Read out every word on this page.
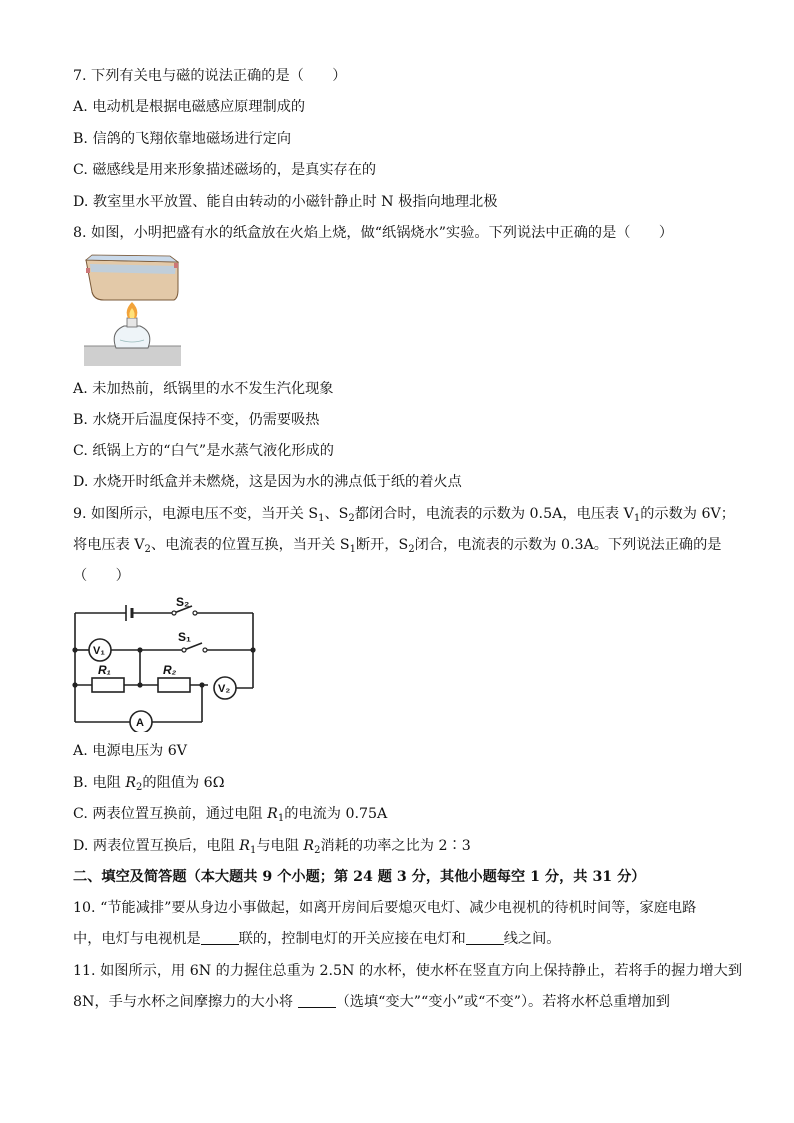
7. 下列有关电与磁的说法正确的是（　　）
A. 电动机是根据电磁感应原理制成的
B. 信鸽的飞翔依靠地磁场进行定向
C. 磁感线是用来形象描述磁场的，是真实存在的
D. 教室里水平放置、能自由转动的小磁针静止时 N 极指向地理北极
8. 如图，小明把盛有水的纸盒放在火焰上烧，做“纸锅烧水”实验。下列说法中正确的是（　　）
A. 未加热前，纸锅里的水不发生汽化现象
B. 水烧开后温度保持不变，仍需要吸热
C. 纸锅上方的“白气”是水蒸气液化形成的
D. 水烧开时纸盒并未燃烧，这是因为水的沸点低于纸的着火点
9. 如图所示，电源电压不变，当开关 $S_1$、$S_2$都闭合时，电流表的示数为 0.5A，电压表 $V_1$的示数为 6V；
将电压表 $V_2$、电流表的位置互换，当开关 $S_1$断开，$S_2$闭合，电流表的示数为 0.3A。下列说法正确的是
（　　）
S₂
S₁
V₁
V₂
A
R₁	R₂
A. 电源电压为 6V
B. 电阻 $R_2$的阻值为 6Ω
C. 两表位置互换前，通过电阻 $R_1$的电流为 0.75A
D. 两表位置互换后，电阻 $R_1$与电阻 $R_2$消耗的功率之比为 2∶3
二、填空及简答题（本大题共 9 个小题；第 24 题 3 分，其他小题每空 1 分，共 31 分）
10. “节能减排”要从身边小事做起，如离开房间后要熄灭电灯、减少电视机的待机时间等，家庭电路
中，电灯与电视机是	联的，控制电灯的开关应接在电灯和	线之间。
11. 如图所示，用 6N 的力握住总重为 2.5N 的水杯，使水杯在竖直方向上保持静止，若将手的握力增大到
8N，手与水杯之间摩擦力的大小将	（选填“变大”“变小”或“不变”）。若将水杯总重增加到
